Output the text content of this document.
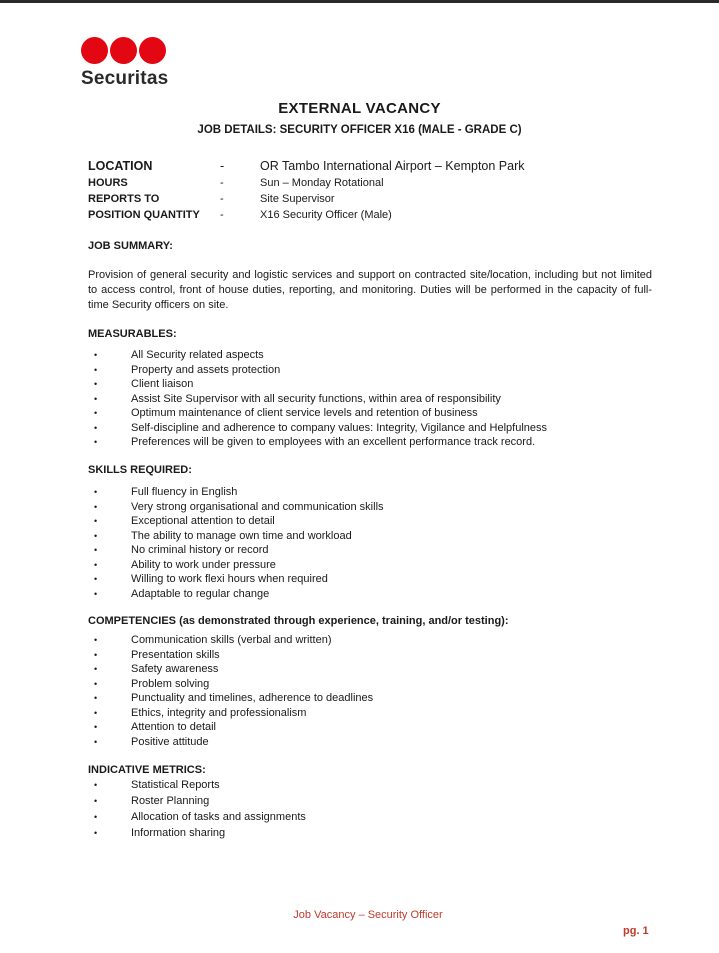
Securitas
EXTERNAL VACANCY
JOB DETAILS: SECURITY OFFICER X16 (MALE - GRADE C)
LOCATION	-	OR Tambo International Airport – Kempton Park
HOURS	-	Sun – Monday Rotational
REPORTS TO	-	Site Supervisor
POSITION QUANTITY	-	X16 Security Officer (Male)
JOB SUMMARY:
Provision of general security and logistic services and support on contracted site/location, including but not limited to access control, front of house duties, reporting, and monitoring. Duties will be performed in the capacity of full-time Security officers on site.
MEASURABLES:
• All Security related aspects
• Property and assets protection
• Client liaison
• Assist Site Supervisor with all security functions, within area of responsibility
• Optimum maintenance of client service levels and retention of business
• Self-discipline and adherence to company values: Integrity, Vigilance and Helpfulness
• Preferences will be given to employees with an excellent performance track record.
SKILLS REQUIRED:
• Full fluency in English
• Very strong organisational and communication skills
• Exceptional attention to detail
• The ability to manage own time and workload
• No criminal history or record
• Ability to work under pressure
• Willing to work flexi hours when required
• Adaptable to regular change
COMPETENCIES (as demonstrated through experience, training, and/or testing):
• Communication skills (verbal and written)
• Presentation skills
• Safety awareness
• Problem solving
• Punctuality and timelines, adherence to deadlines
• Ethics, integrity and professionalism
• Attention to detail
• Positive attitude
INDICATIVE METRICS:
• Statistical Reports
• Roster Planning
• Allocation of tasks and assignments
• Information sharing
Job Vacancy – Security Officer
pg. 1
